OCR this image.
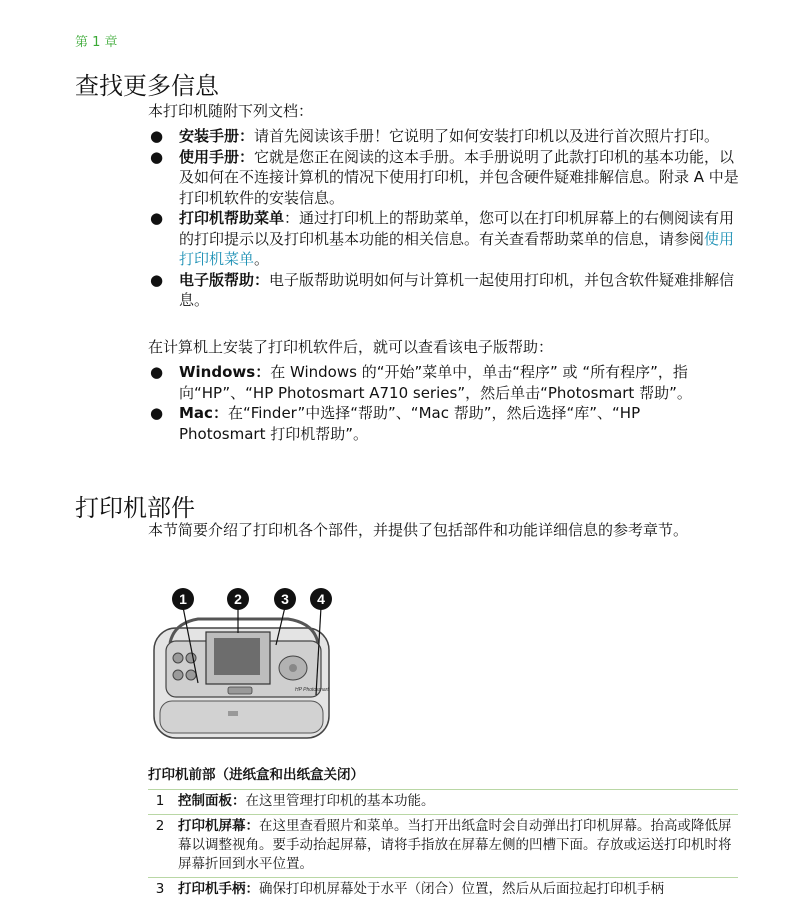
第 1 章
查找更多信息

本打印机随附下列文档：

● 安装手册：请首先阅读该手册！它说明了如何安装打印机以及进行首次照片打印。
● 使用手册：它就是您正在阅读的这本手册。本手册说明了此款打印机的基本功能，以及如何在不连接计算机的情况下使用打印机，并包含硬件疑难排解信息。附录 A 中是打印机软件的安装信息。
● 打印机帮助菜单：通过打印机上的帮助菜单，您可以在打印机屏幕上的右侧阅读有用的打印提示以及打印机基本功能的相关信息。有关查看帮助菜单的信息，请参阅使用打印机菜单。
● 电子版帮助：电子版帮助说明如何与计算机一起使用打印机，并包含软件疑难排解信息。

在计算机上安装了打印机软件后，就可以查看该电子版帮助：

● Windows：在 Windows 的“开始”菜单中，单击“程序” 或 “所有程序”，指向“HP”、“HP Photosmart A710 series”，然后单击“Photosmart 帮助”。
● Mac：在“Finder”中选择“帮助”、“Mac 帮助”，然后选择“库”、“HP Photosmart 打印机帮助”。
打印机部件

本节简要介绍了打印机各个部件，并提供了包括部件和功能详细信息的参考章节。

HP Photosmart
1	2	3 4
打印机前部（进纸盒和出纸盒关闭）
1	控制面板：在这里管理打印机的基本功能。
2	打印机屏幕：在这里查看照片和菜单。当打开出纸盒时会自动弹出打印机屏幕。抬高或降低屏幕以调整视角。要手动抬起屏幕，请将手指放在屏幕左侧的凹槽下面。存放或运送打印机时将屏幕折回到水平位置。
3	打印机手柄：确保打印机屏幕处于水平（闭合）位置，然后从后面拉起打印机手柄
